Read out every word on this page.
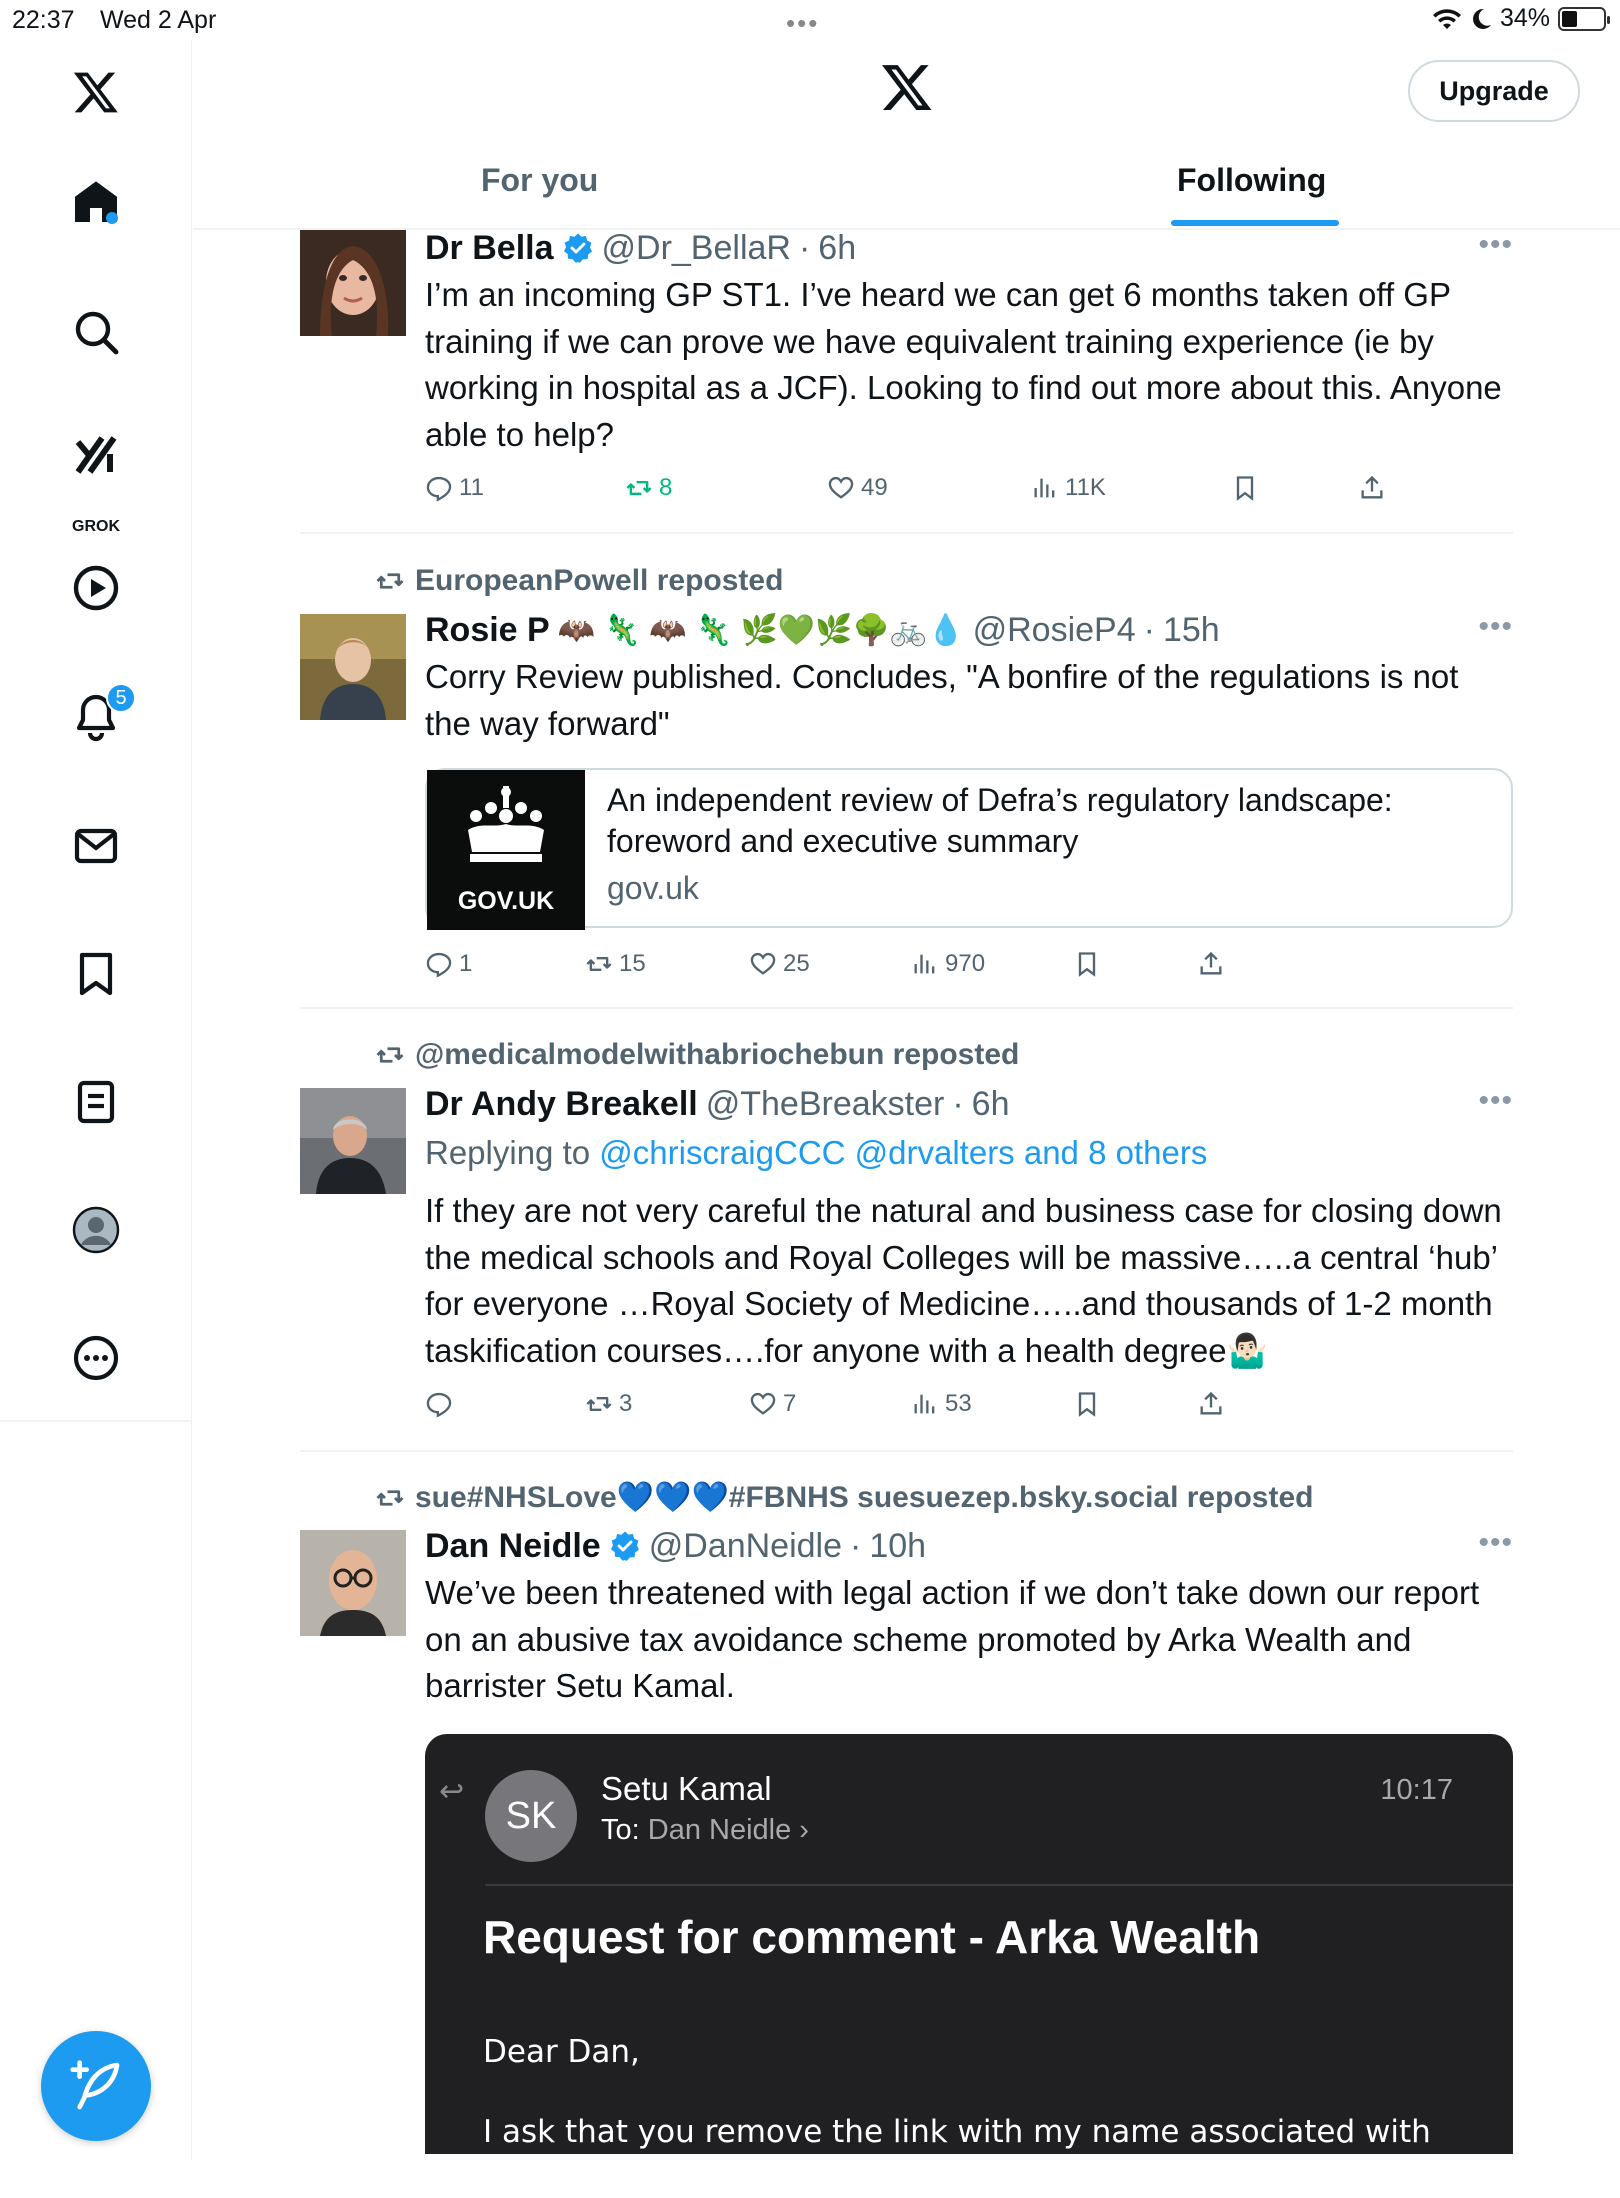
22:37 Wed 2 Apr	•••	34%
GROK
5
Upgrade
For you	Following
Dr Bella @Dr_BellaR · 6h	•••
I’m an incoming GP ST1. I’ve heard we can get 6 months taken off GP training if we can prove we have equivalent training experience (ie by working in hospital as a JCF). Looking to find out more about this. Anyone able to help?
11	8	49	11K
EuropeanPowell reposted
Rosie P 🦇 🦎 🦇 🦎 🌿💚🌿🌳🚲💧 @RosieP4 · 15h	•••
Corry Review published. Concludes, "A bonfire of the regulations is not the way forward"
GOV.UK
An independent review of Defra’s regulatory landscape: foreword and executive summary
gov.uk
1	15	25	970
@medicalmodelwithabriochebun reposted
Dr Andy Breakell @TheBreakster · 6h	•••
Replying to @chriscraigCCC @drvalters and 8 others
If they are not very careful the natural and business case for closing down the medical schools and Royal Colleges will be massive…..a central ‘hub’ for everyone …Royal Society of Medicine…..and thousands of 1-2 month taskification courses….for anyone with a health degree🤷🏻‍♂️
3	7	53
sue#NHSLove💙💙💙#FBNHS suesuezep.bsky.social reposted
Dan Neidle @DanNeidle · 10h	•••
We’ve been threatened with legal action if we don’t take down our report on an abusive tax avoidance scheme promoted by Arka Wealth and barrister Setu Kamal.
↩
SK
Setu Kamal
To: Dan Neidle ›
10:17
Request for comment - Arka Wealth
Dear Dan,
I ask that you remove the link with my name associated with failed tax avoidance at once and that you retract your
